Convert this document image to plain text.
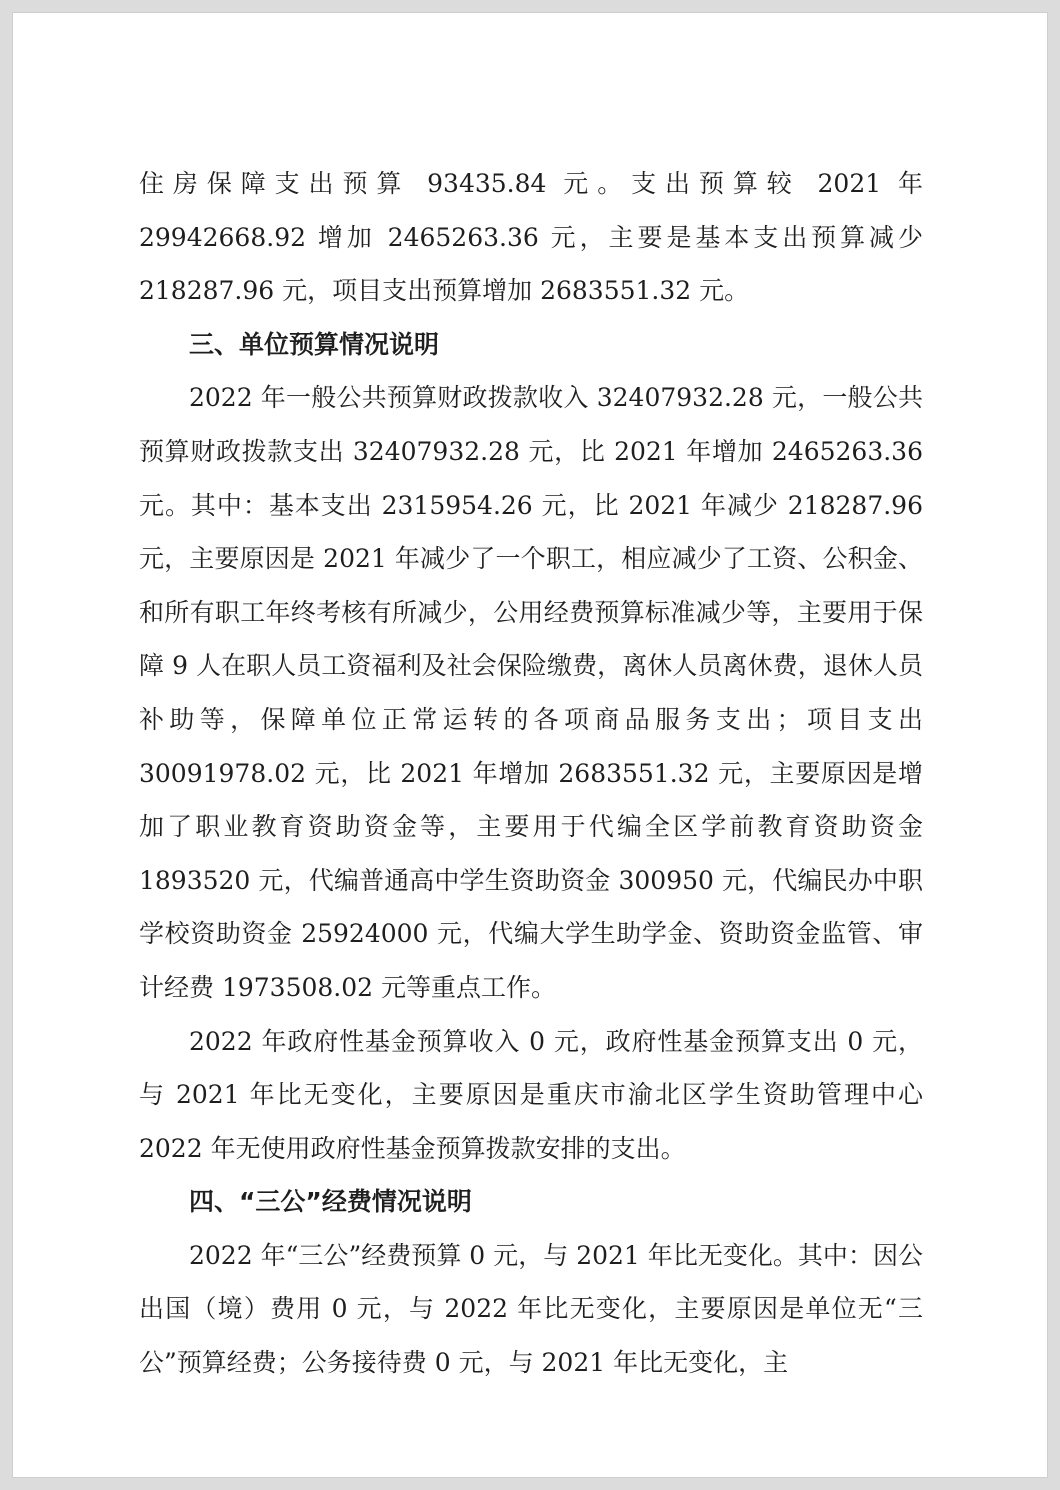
住房保障支出预算 93435.84 元。支出预算较 2021 年 29942668.92 增加 2465263.36 元，主要是基本支出预算减少 218287.96 元，项目支出预算增加 2683551.32 元。

三、单位预算情况说明

2022 年一般公共预算财政拨款收入 32407932.28 元，一般公共预算财政拨款支出 32407932.28 元，比 2021 年增加 2465263.36 元。其中：基本支出 2315954.26 元，比 2021 年减少 218287.96 元，主要原因是 2021 年减少了一个职工，相应减少了工资、公积金、和所有职工年终考核有所减少，公用经费预算标准减少等，主要用于保障 9 人在职人员工资福利及社会保险缴费，离休人员离休费，退休人员补助等，保障单位正常运转的各项商品服务支出；项目支出 30091978.02 元，比 2021 年增加 2683551.32 元，主要原因是增加了职业教育资助资金等，主要用于代编全区学前教育资助资金 1893520 元，代编普通高中学生资助资金 300950 元，代编民办中职学校资助资金 25924000 元，代编大学生助学金、资助资金监管、审计经费 1973508.02 元等重点工作。

2022 年政府性基金预算收入 0 元，政府性基金预算支出 0 元，与 2021 年比无变化，主要原因是重庆市渝北区学生资助管理中心 2022 年无使用政府性基金预算拨款安排的支出。

四、“三公”经费情况说明

2022 年“三公”经费预算 0 元，与 2021 年比无变化。其中：因公出国（境）费用 0 元，与 2022 年比无变化，主要原因是单位无“三公”预算经费；公务接待费 0 元，与 2021 年比无变化，主
